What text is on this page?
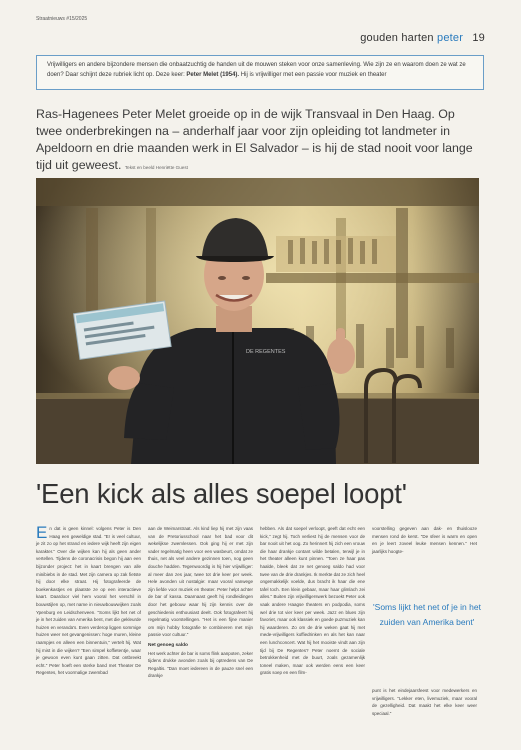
Straatnieuws #15/2025
gouden harten peter 19
Vrijwilligers en andere bijzondere mensen die onbaatzuchtig de handen uit de mouwen steken voor onze samenleving. Wie zijn ze en waarom doen ze wat ze doen? Daar schijnt deze rubriek licht op. Deze keer: Peter Melet (1954). Hij is vrijwilliger met een passie voor muziek en theater
Ras-Hagenees Peter Melet groeide op in de wijk Transvaal in Den Haag. Op twee onderbrekingen na – anderhalf jaar voor zijn opleiding tot landmeter in Apeldoorn en drie maanden werk in El Salvador – is hij de stad nooit voor lange tijd uit geweest. Tekst en beeld Henriëtte Guest
DE REGENTES
'Een kick als alles soepel loopt'
En dat is geen kinnel: volgens Peter is Den Haag een geweldige stad. "Er is veel cultuur, je zit zo op het strand en iedere wijk heeft zijn eigen karakter." Over die wijken kan hij als geen ander vertellen. Tijdens de coronacrisis begon hij aan een bijzonder project: het in kaart brengen van alle minibiebs in de stad. Met zijn camera op zak fietste hij door elke straat. Hij fotografeerde de boekenkastjes en plaatste ze op een interactieve kaart. Daardoor viel hem vooral het verschil in bouwstijlen op, met name in nieuwbouwwijken zoals Ypenburg en Leidschenveen. "Soms lijkt het net of je in het zuiden van Amerika bent, met die gekleurde huizen en veranda's. Even verderop liggen sommige huizen weer net gevangenissen: hoge muren, kleine raampjes en alleen een binnentuin," vertelt hij. Wat hij mist in die wijken? "Een simpel koffietentje, waar je gewoon even kunt gaan zitten. Dat ontbreekt echt." Peter hoeft een sterke band met Theater De Regentes, het voormalige zwembad

aan de Weimarstraat. Als kind liep hij met zijn vaas van de Pretoriusschool naar het bad voor dit wekelijkse zwemlessen. Ook ging hij er met zijn vader regelmatig heen voor een wasbeurt, omdat ze thuis, net als veel andere gezinnen toen, nog geen douche hadden. Tegenwoordig is hij hier vrijwilliger: al meer dan zes jaar, twee tot drie keer per week. Hele avonden uit nostalgie: maar vooral vanwege zijn liefde voor muziek en theater. Peter helpt achter de bar of kassa. Daarnaast geeft hij rondleidingen door het gebouw waar hij zijn kennis over de geschiedenis enthousiast deelt. Ook fotografeert hij regelmatig voorstellingen. "Het is een fijne manier om mijn hobby fotografie te combineren met mijn passie voor cultuur."

Net genoeg saldo

Het werk achter de bar is soms flink aanpoten, zeker tijdens drukke avonden zoals bij optredens van De Regaltis. "Dan moet iedereen in de pauze snel een drankje

hebben. Als dat soepel verloopt, geeft dat echt een kick," zegt hij. Toch verliest hij de mensen voor de bar nooit uit het oog. Zo herinnert hij zich een vrouw die haar drankje contant wilde betalen, terwijl je in het theater alleen kunt pinnen. "Toen ze haar pas haalde, bleek dat ze net genoeg saldo had voor twee van de drie drankjes. Ik merkte dat ze zich heel ongemakkelijk voelde, dus bracht ik haar die ene tafel toch. Een klein gebaar, maar haar glimlach zei alles." Buiten zijn vrijwilligerswerk bezoekt Peter ook vaak andere Haagse theaters en podpodia, soms wel drie tot vier keer per week. Jazz en blues zijn favoriet, maar ook klassiek en goede puzmuziek kan hij waarderen. Zo om de drie weken gaat hij met mede-vrijwilligers koffiedrinken en als het kan naar een lunchconcert. Wat hij het mooiste vindt aan zijn tijd bij De Regentes? Peter noemt de sociale betrokkenheid met de buurt, zoals gezamenlijk toneel maken, maar ook werden eens een keer gratis soep en een film-

voorstelling gegeven aan dak- en thuislooze mensen rond de kerst. "De sfeer is warm en open en je leert zoveel leuke mensen kennen." Het jaarlijks hoogte-

'Soms lijkt het net of je in het zuiden van Amerika bent'
punt is het eindejaarsfeest voor medewerkers en vrijwilligers. "Lekker eten, livemuziek, maar vooral de gezelligheid. Dat maakt het elke keer weer speciaal."
